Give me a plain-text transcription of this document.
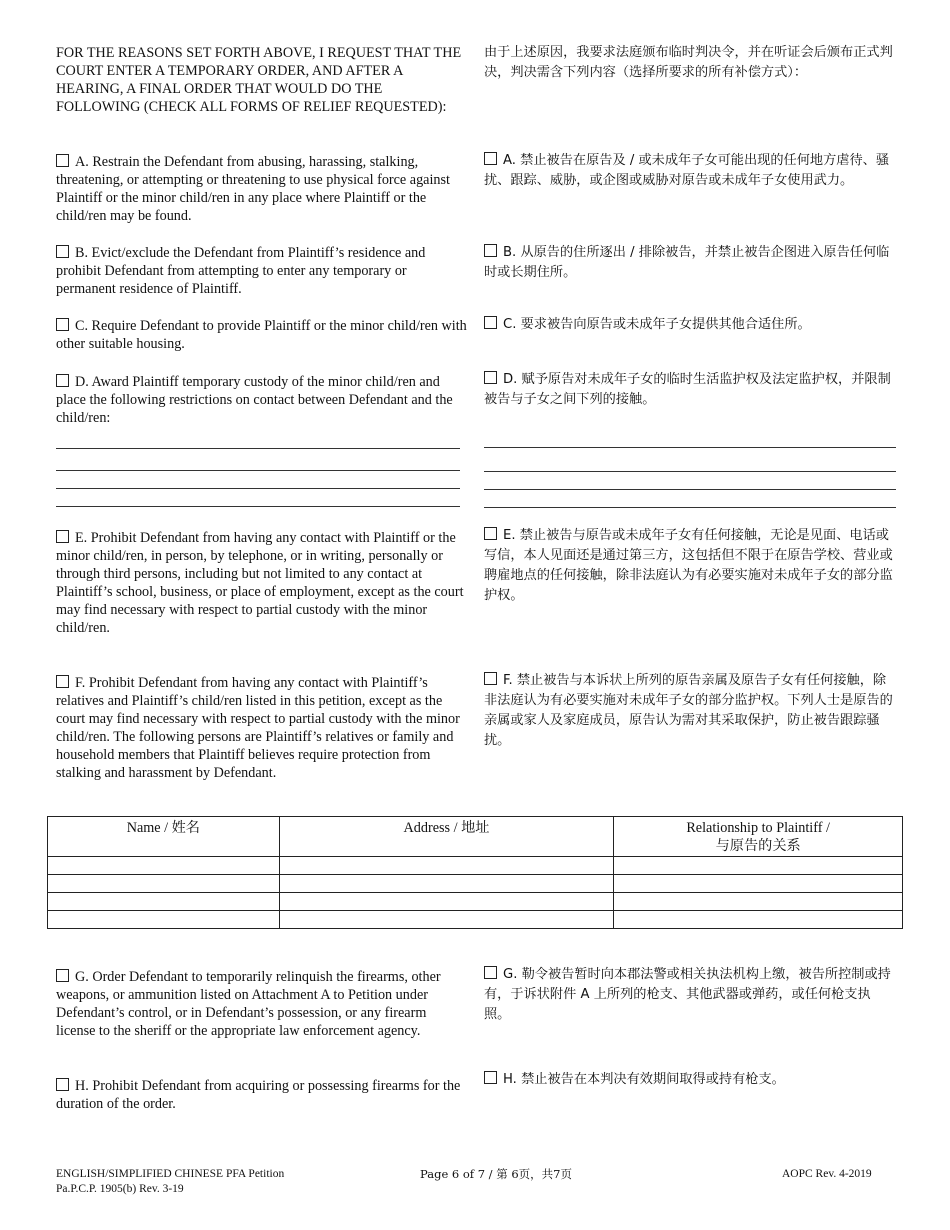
FOR THE REASONS SET FORTH ABOVE, I REQUEST THAT THE COURT ENTER A TEMPORARY ORDER, AND AFTER A HEARING, A FINAL ORDER THAT WOULD DO THE FOLLOWING (CHECK ALL FORMS OF RELIEF REQUESTED):
由于上述原因，我要求法庭颁布临时判决令，并在听证会后颁布正式判决，判决需含下列内容（选择所要求的所有补偿方式）：
A. Restrain the Defendant from abusing, harassing, stalking, threatening, or attempting or threatening to use physical force against Plaintiff or the minor child/ren in any place where Plaintiff or the child/ren may be found.
A. 禁止被告在原告及 / 或未成年子女可能出现的任何地方虐待、骚扰、跟踪、威胁，或企图或威胁对原告或未成年子女使用武力。
B. Evict/exclude the Defendant from Plaintiff’s residence and prohibit Defendant from attempting to enter any temporary or permanent residence of Plaintiff.
B. 从原告的住所逐出 / 排除被告，并禁止被告企图进入原告任何临时或长期住所。
C. Require Defendant to provide Plaintiff or the minor child/ren with other suitable housing.
C. 要求被告向原告或未成年子女提供其他合适住所。
D. Award Plaintiff temporary custody of the minor child/ren and place the following restrictions on contact between Defendant and the child/ren:
D. 赋予原告对未成年子女的临时生活监护权及法定监护权，并限制被告与子女之间下列的接触。
E. Prohibit Defendant from having any contact with Plaintiff or the minor child/ren, in person, by telephone, or in writing, personally or through third persons, including but not limited to any contact at Plaintiff’s school, business, or place of employment, except as the court may find necessary with respect to partial custody with the minor child/ren.
E. 禁止被告与原告或未成年子女有任何接触，无论是见面、电话或写信，本人见面还是通过第三方，这包括但不限于在原告学校、营业或聘雇地点的任何接触，除非法庭认为有必要实施对未成年子女的部分监护权。
F. Prohibit Defendant from having any contact with Plaintiff’s relatives and Plaintiff’s child/ren listed in this petition, except as the court may find necessary with respect to partial custody with the minor child/ren. The following persons are Plaintiff’s relatives or family and household members that Plaintiff believes require protection from stalking and harassment by Defendant.
F. 禁止被告与本诉状上所列的原告亲属及原告子女有任何接触，除非法庭认为有必要实施对未成年子女的部分监护权。下列人士是原告的亲属或家人及家庭成员，原告认为需对其采取保护，防止被告跟踪骚扰。
Name / 姓名	Address / 地址	Relationship to Plaintiff /
与原告的关系

G. Order Defendant to temporarily relinquish the firearms, other weapons, or ammunition listed on Attachment A to Petition under Defendant’s control, or in Defendant’s possession, or any firearm license to the sheriff or the appropriate law enforcement agency.
G. 勒令被告暂时向本郡法警或相关执法机构上缴，被告所控制或持有，于诉状附件 A 上所列的枪支、其他武器或弹药，或任何枪支执照。
H. Prohibit Defendant from acquiring or possessing firearms for the duration of the order.
H. 禁止被告在本判决有效期间取得或持有枪支。
ENGLISH/SIMPLIFIED CHINESE PFA Petition
Pa.P.C.P. 1905(b) Rev. 3-19
Page 6 of 7 / 第 6页，共7页	AOPC Rev. 4-2019
